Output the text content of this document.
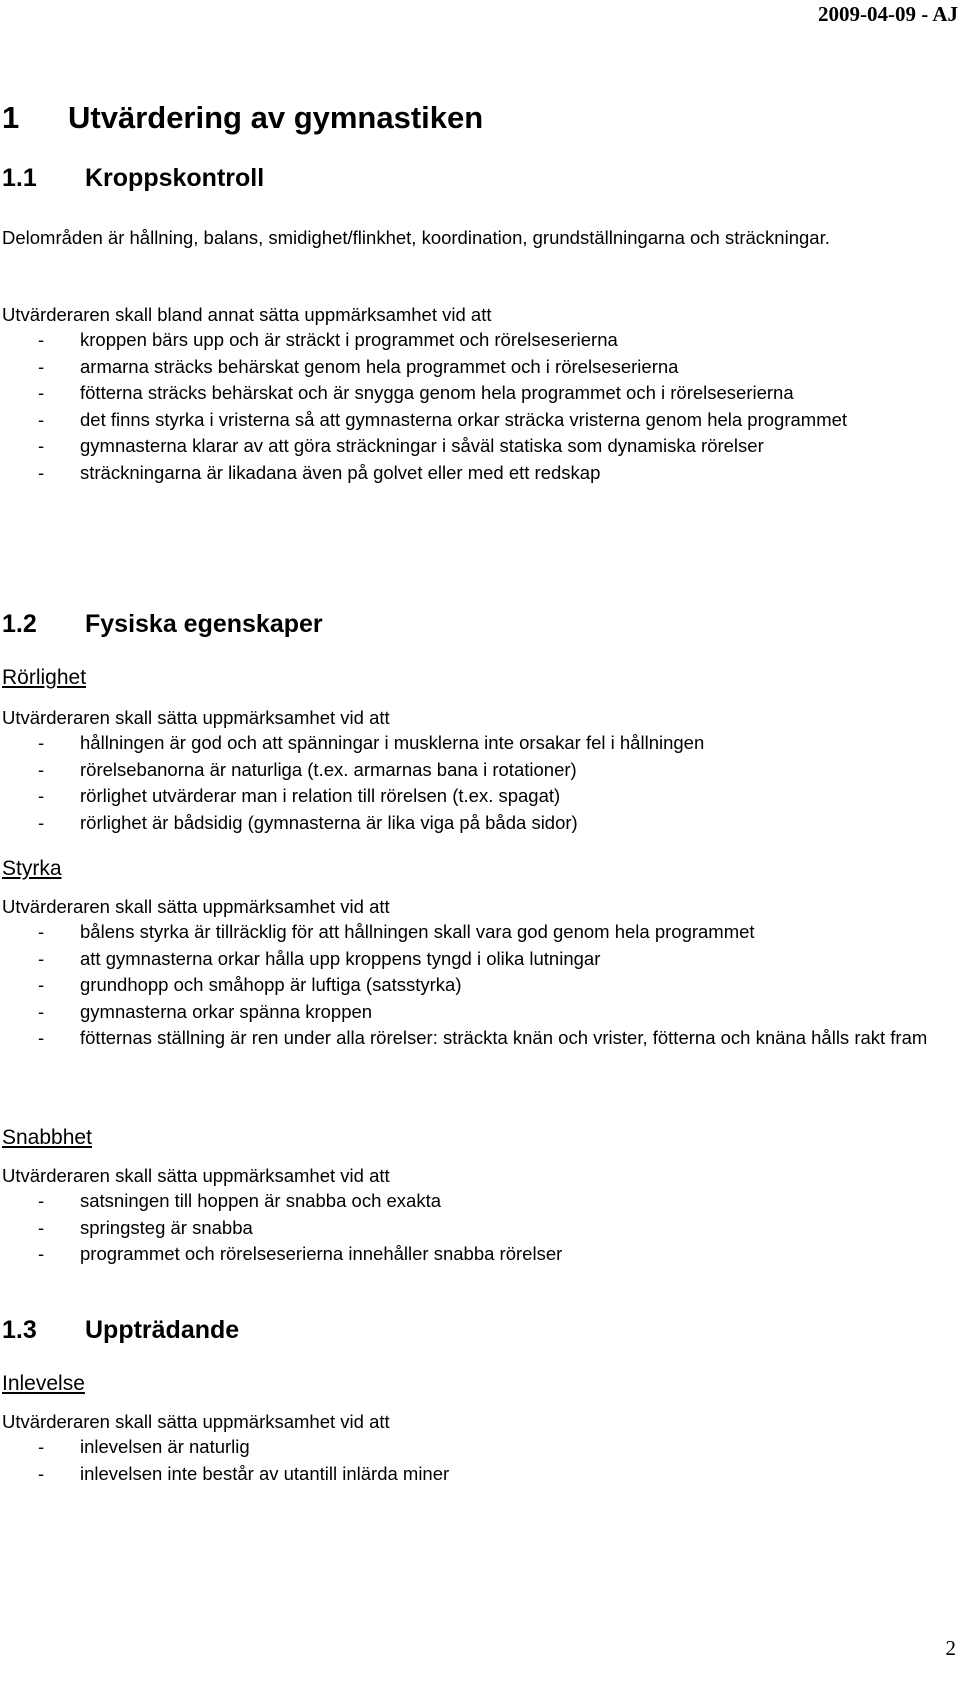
2009-04-09 - AJ
1 Utvärdering av gymnastiken
1.1 Kroppskontroll
Delområden är hållning, balans, smidighet/flinkhet, koordination, grundställningarna och sträckningar.
Utvärderaren skall bland annat sätta uppmärksamhet vid att
- kroppen bärs upp och är sträckt i programmet och rörelseserierna
- armarna sträcks behärskat genom hela programmet och i rörelseserierna
- fötterna sträcks behärskat och är snygga genom hela programmet och i rörelseserierna
- det finns styrka i vristerna så att gymnasterna orkar sträcka vristerna genom hela programmet
- gymnasterna klarar av att göra sträckningar i såväl statiska som dynamiska rörelser
- sträckningarna är likadana även på golvet eller med ett redskap
1.2 Fysiska egenskaper
Rörlighet
Utvärderaren skall sätta uppmärksamhet vid att
- hållningen är god och att spänningar i musklerna inte orsakar fel i hållningen
- rörelsebanorna är naturliga (t.ex. armarnas bana i rotationer)
- rörlighet utvärderar man i relation till rörelsen (t.ex. spagat)
- rörlighet är bådsidig (gymnasterna är lika viga på båda sidor)
Styrka
Utvärderaren skall sätta uppmärksamhet vid att
- bålens styrka är tillräcklig för att hållningen skall vara god genom hela programmet
- att gymnasterna orkar hålla upp kroppens tyngd i olika lutningar
- grundhopp och småhopp är luftiga (satsstyrka)
- gymnasterna orkar spänna kroppen
- fötternas ställning är ren under alla rörelser: sträckta knän och vrister, fötterna och knäna hålls rakt fram
Snabbhet
Utvärderaren skall sätta uppmärksamhet vid att
- satsningen till hoppen är snabba och exakta
- springsteg är snabba
- programmet och rörelseserierna innehåller snabba rörelser
1.3 Uppträdande
Inlevelse
Utvärderaren skall sätta uppmärksamhet vid att
- inlevelsen är naturlig
- inlevelsen inte består av utantill inlärda miner
2
